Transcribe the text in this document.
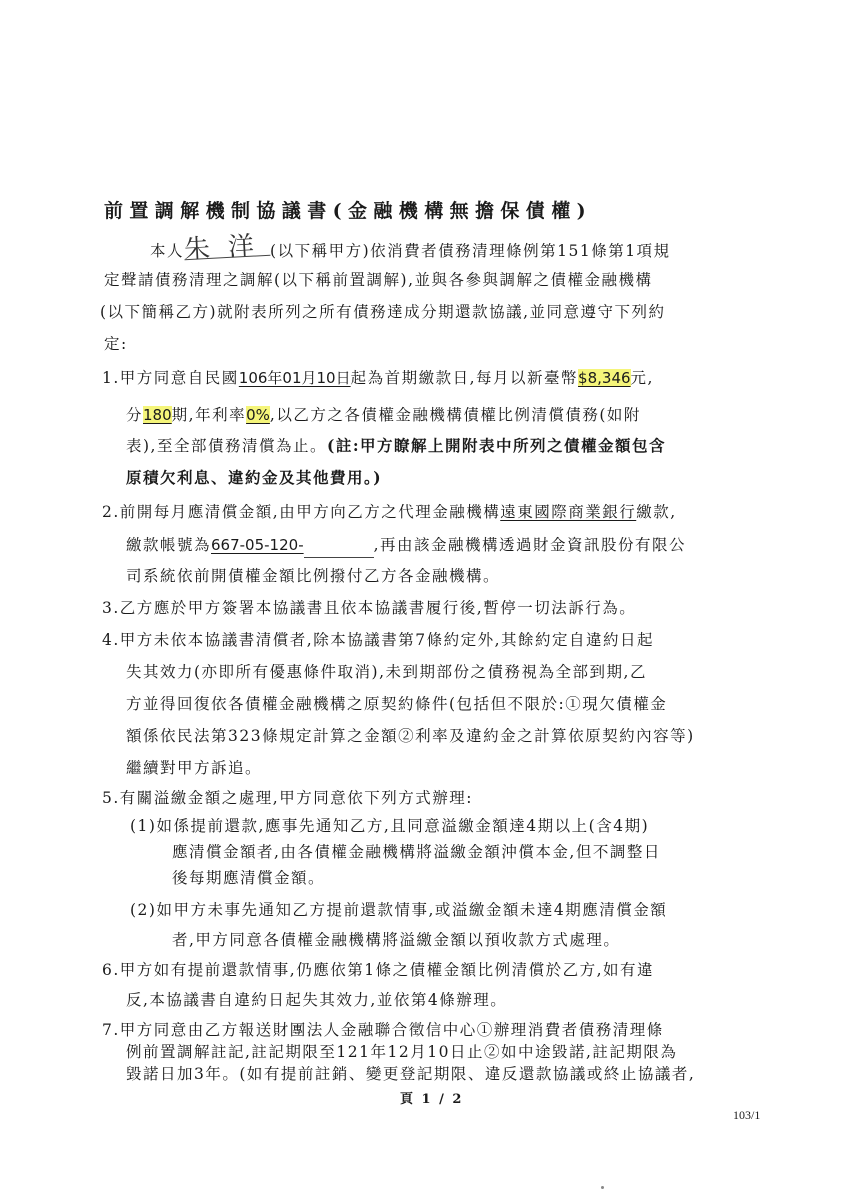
前置調解機制協議書(金融機構無擔保債權)
本人朱洋(以下稱甲方)依消費者債務清理條例第151條第1項規
定聲請債務清理之調解(以下稱前置調解),並與各參與調解之債權金融機構
(以下簡稱乙方)就附表所列之所有債務達成分期還款協議,並同意遵守下列約
定:
1.甲方同意自民國106年01月10日起為首期繳款日,每月以新臺幣$8,346元,
分180期,年利率0%,以乙方之各債權金融機構債權比例清償債務(如附
表),至全部債務清償為止。(註:甲方瞭解上開附表中所列之債權金額包含
原積欠利息、違約金及其他費用。)
2.前開每月應清償金額,由甲方向乙方之代理金融機構遠東國際商業銀行繳款,
繳款帳號為667-05-120-	,再由該金融機構透過財金資訊股份有限公
司系統依前開債權金額比例撥付乙方各金融機構。
3.乙方應於甲方簽署本協議書且依本協議書履行後,暫停一切法訴行為。
4.甲方未依本協議書清償者,除本協議書第7條約定外,其餘約定自違約日起
失其效力(亦即所有優惠條件取消),未到期部份之債務視為全部到期,乙
方並得回復依各債權金融機構之原契約條件(包括但不限於:①現欠債權金
額係依民法第323條規定計算之金額②利率及違約金之計算依原契約內容等)
繼續對甲方訴追。
5.有關溢繳金額之處理,甲方同意依下列方式辦理:
(1)如係提前還款,應事先通知乙方,且同意溢繳金額達4期以上(含4期)
應清償金額者,由各債權金融機構將溢繳金額沖償本金,但不調整日
後每期應清償金額。
(2)如甲方未事先通知乙方提前還款情事,或溢繳金額未達4期應清償金額
者,甲方同意各債權金融機構將溢繳金額以預收款方式處理。
6.甲方如有提前還款情事,仍應依第1條之債權金額比例清償於乙方,如有違
反,本協議書自違約日起失其效力,並依第4條辦理。
7.甲方同意由乙方報送財團法人金融聯合徵信中心①辦理消費者債務清理條
頁 1 / 2
103/1
例前置調解註記,註記期限至121年12月10日止②如中途毀諾,註記期限為
毀諾日加3年。(如有提前註銷、變更登記期限、違反還款協議或終止協議者,
